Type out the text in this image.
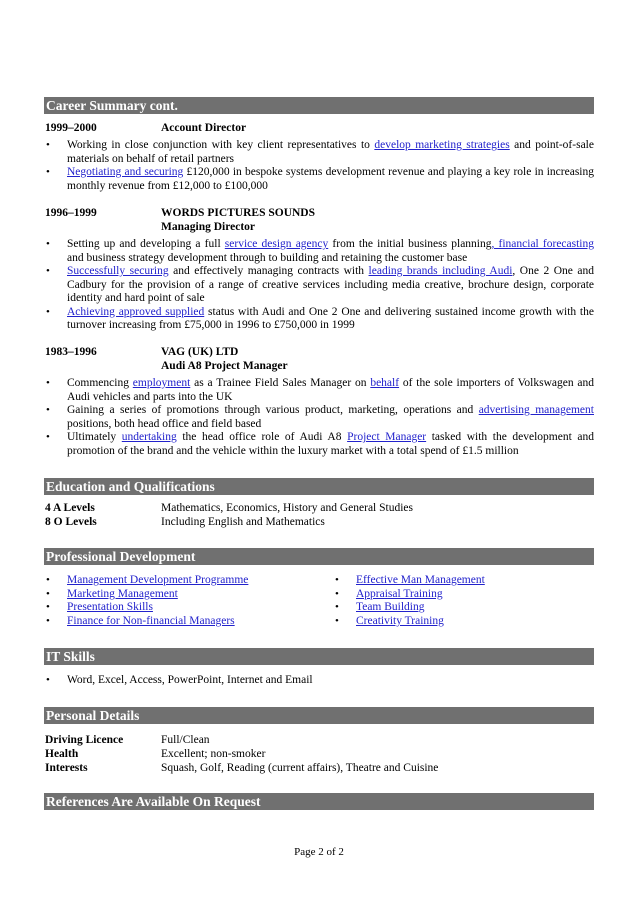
Career Summary cont.
1999–2000	Account Director
• Working in close conjunction with key client representatives to develop marketing strategies and point-of-sale materials on behalf of retail partners
• Negotiating and securing £120,000 in bespoke systems development revenue and playing a key role in increasing monthly revenue from £12,000 to £100,000
1996–1999	WORDS PICTURES SOUNDS
Managing Director
• Setting up and developing a full service design agency from the initial business planning, financial forecasting and business strategy development through to building and retaining the customer base
• Successfully securing and effectively managing contracts with leading brands including Audi, One 2 One and Cadbury for the provision of a range of creative services including media creative, brochure design, corporate identity and hard point of sale
• Achieving approved supplied status with Audi and One 2 One and delivering sustained income growth with the turnover increasing from £75,000 in 1996 to £750,000 in 1999
1983–1996	VAG (UK) LTD
Audi A8 Project Manager
• Commencing employment as a Trainee Field Sales Manager on behalf of the sole importers of Volkswagen and Audi vehicles and parts into the UK
• Gaining a series of promotions through various product, marketing, operations and advertising management positions, both head office and field based
• Ultimately undertaking the head office role of Audi A8 Project Manager tasked with the development and promotion of the brand and the vehicle within the luxury market with a total spend of £1.5 million
Education and Qualifications
4 A Levels	Mathematics, Economics, History and General Studies
8 O Levels	Including English and Mathematics
Professional Development
• Management Development Programme
• Marketing Management
• Presentation Skills
• Finance for Non-financial Managers
• Effective Man Management
• Appraisal Training
• Team Building
• Creativity Training
IT Skills
• Word, Excel, Access, PowerPoint, Internet and Email
Personal Details
Driving Licence	Full/Clean
Health	Excellent; non-smoker
Interests	Squash, Golf, Reading (current affairs), Theatre and Cuisine
References Are Available On Request
Page 2 of 2
